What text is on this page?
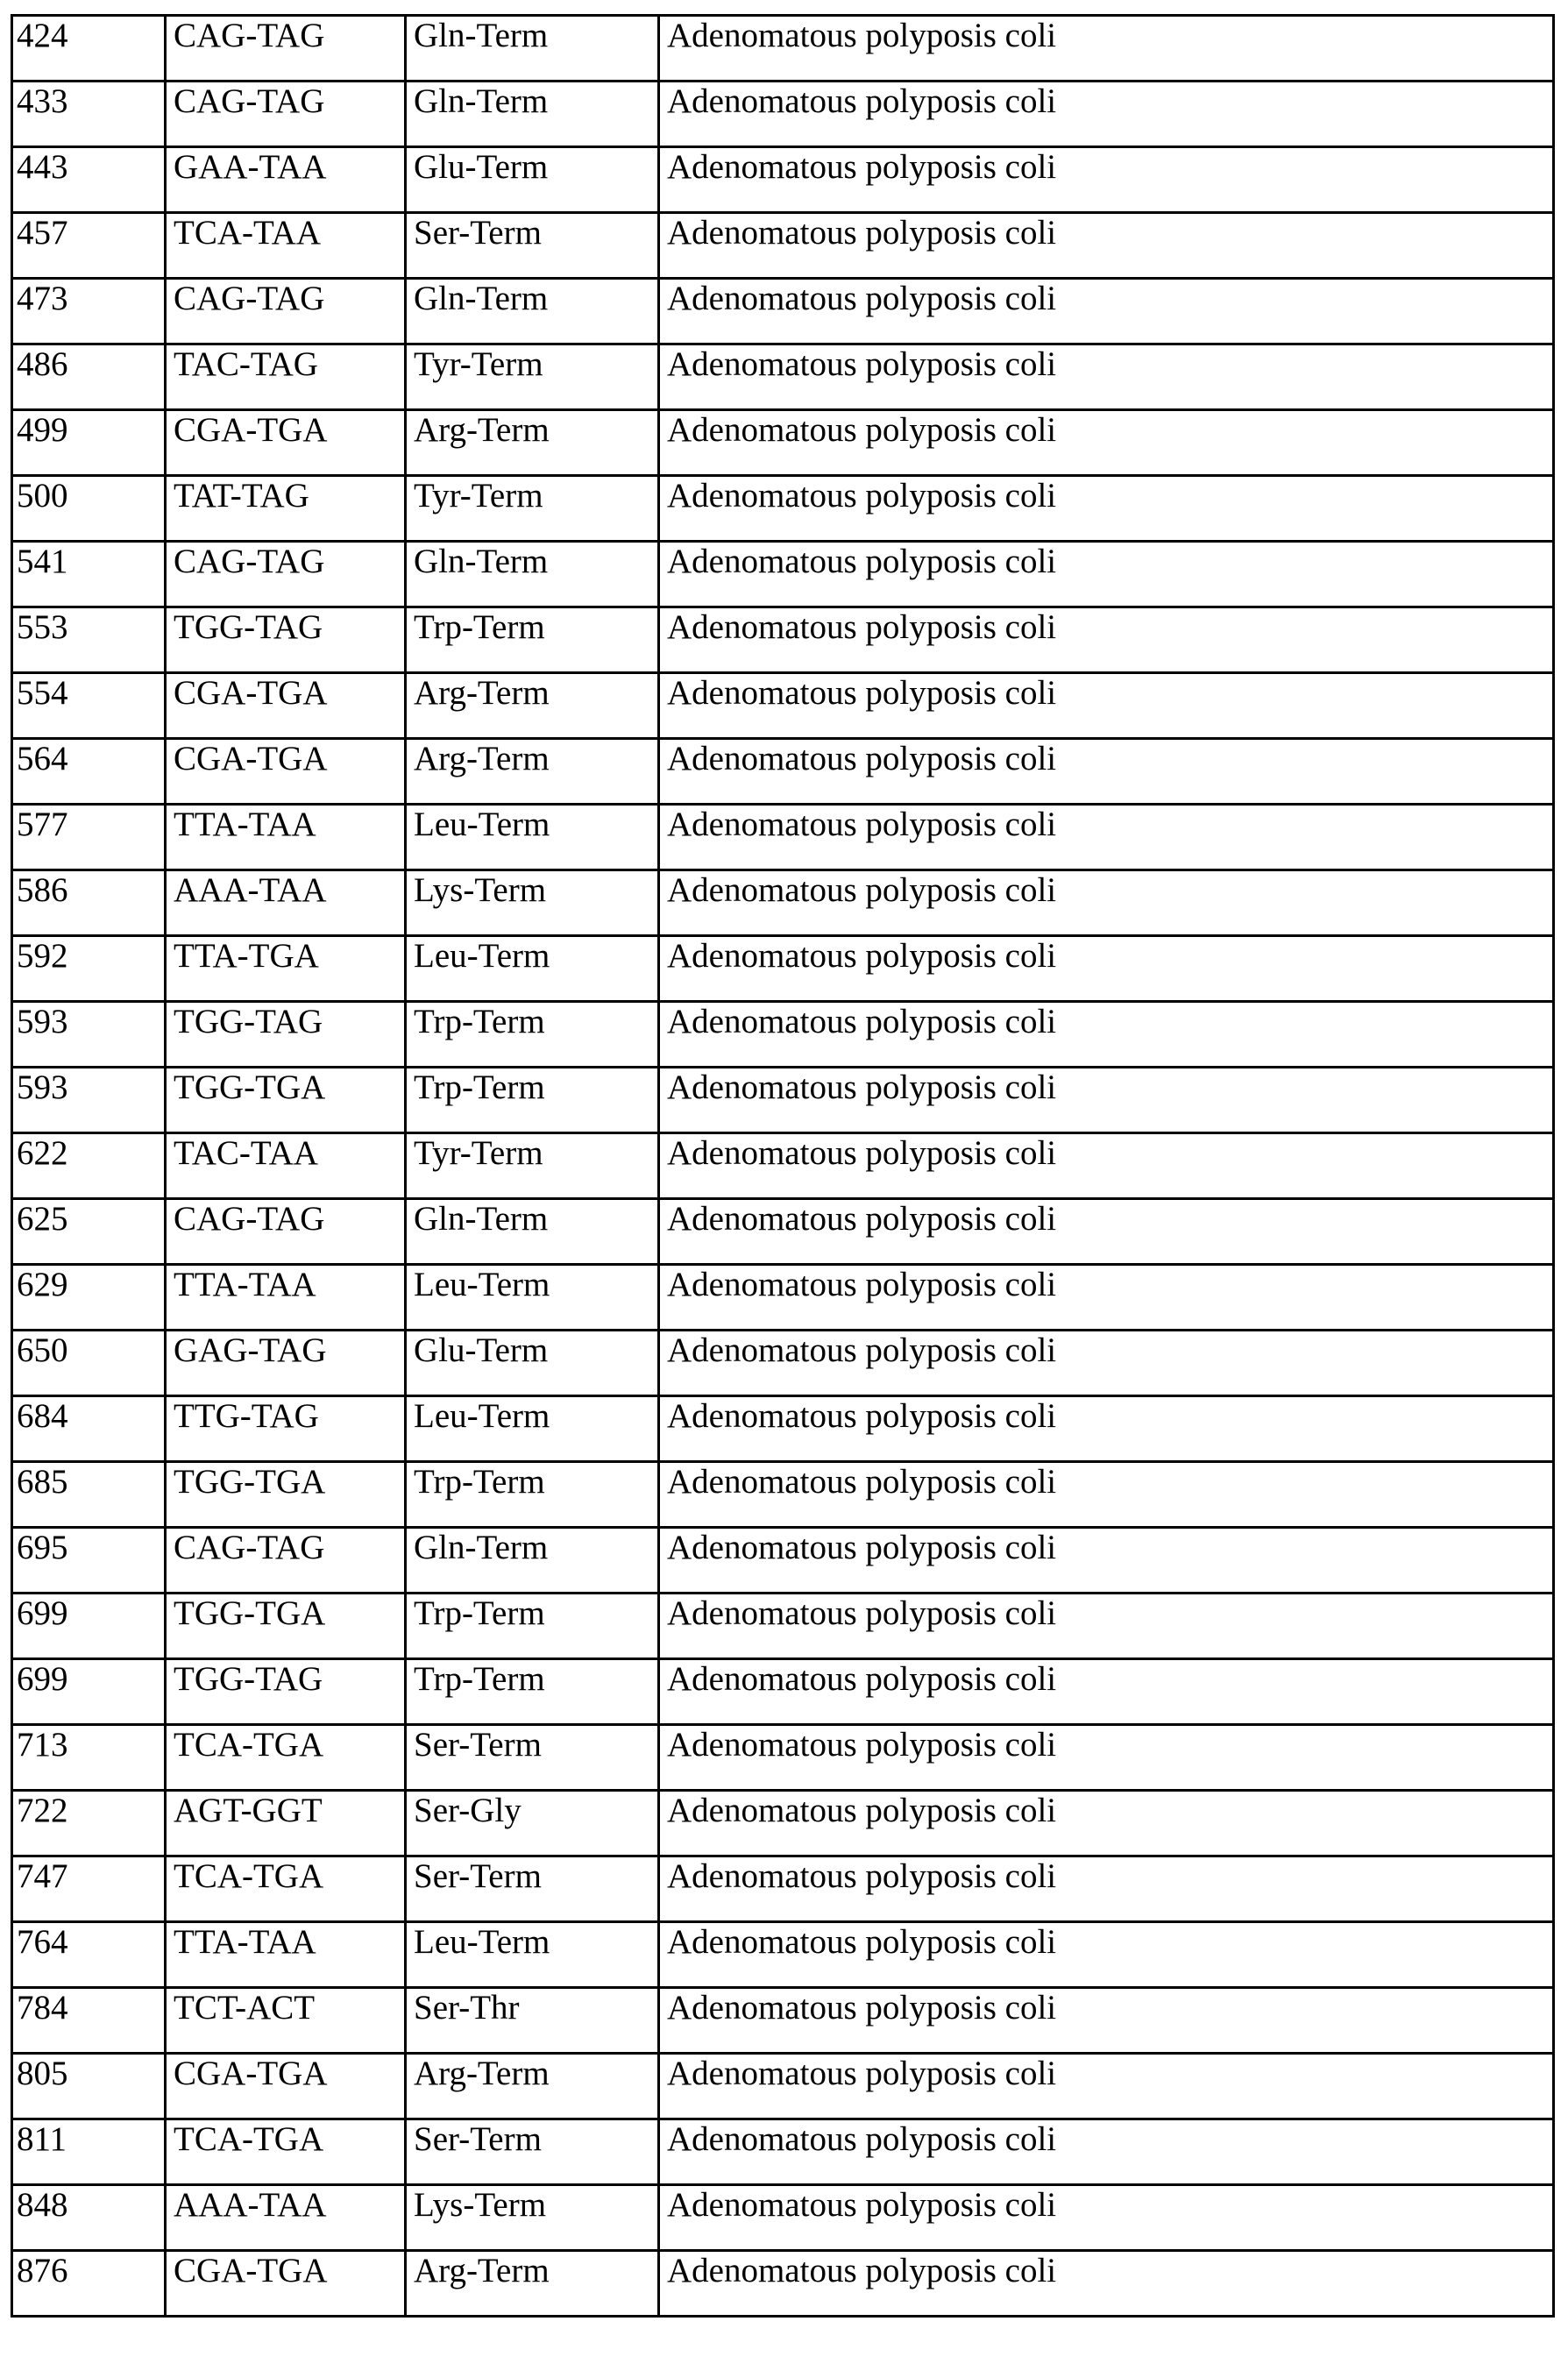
424	CAG-TAG	Gln-Term	Adenomatous polyposis coli
433	CAG-TAG	Gln-Term	Adenomatous polyposis coli
443	GAA-TAA	Glu-Term	Adenomatous polyposis coli
457	TCA-TAA	Ser-Term	Adenomatous polyposis coli
473	CAG-TAG	Gln-Term	Adenomatous polyposis coli
486	TAC-TAG	Tyr-Term	Adenomatous polyposis coli
499	CGA-TGA	Arg-Term	Adenomatous polyposis coli
500	TAT-TAG	Tyr-Term	Adenomatous polyposis coli
541	CAG-TAG	Gln-Term	Adenomatous polyposis coli
553	TGG-TAG	Trp-Term	Adenomatous polyposis coli
554	CGA-TGA	Arg-Term	Adenomatous polyposis coli
564	CGA-TGA	Arg-Term	Adenomatous polyposis coli
577	TTA-TAA	Leu-Term	Adenomatous polyposis coli
586	AAA-TAA	Lys-Term	Adenomatous polyposis coli
592	TTA-TGA	Leu-Term	Adenomatous polyposis coli
593	TGG-TAG	Trp-Term	Adenomatous polyposis coli
593	TGG-TGA	Trp-Term	Adenomatous polyposis coli
622	TAC-TAA	Tyr-Term	Adenomatous polyposis coli
625	CAG-TAG	Gln-Term	Adenomatous polyposis coli
629	TTA-TAA	Leu-Term	Adenomatous polyposis coli
650	GAG-TAG	Glu-Term	Adenomatous polyposis coli
684	TTG-TAG	Leu-Term	Adenomatous polyposis coli
685	TGG-TGA	Trp-Term	Adenomatous polyposis coli
695	CAG-TAG	Gln-Term	Adenomatous polyposis coli
699	TGG-TGA	Trp-Term	Adenomatous polyposis coli
699	TGG-TAG	Trp-Term	Adenomatous polyposis coli
713	TCA-TGA	Ser-Term	Adenomatous polyposis coli
722	AGT-GGT	Ser-Gly	Adenomatous polyposis coli
747	TCA-TGA	Ser-Term	Adenomatous polyposis coli
764	TTA-TAA	Leu-Term	Adenomatous polyposis coli
784	TCT-ACT	Ser-Thr	Adenomatous polyposis coli
805	CGA-TGA	Arg-Term	Adenomatous polyposis coli
811	TCA-TGA	Ser-Term	Adenomatous polyposis coli
848	AAA-TAA	Lys-Term	Adenomatous polyposis coli
876	CGA-TGA	Arg-Term	Adenomatous polyposis coli
